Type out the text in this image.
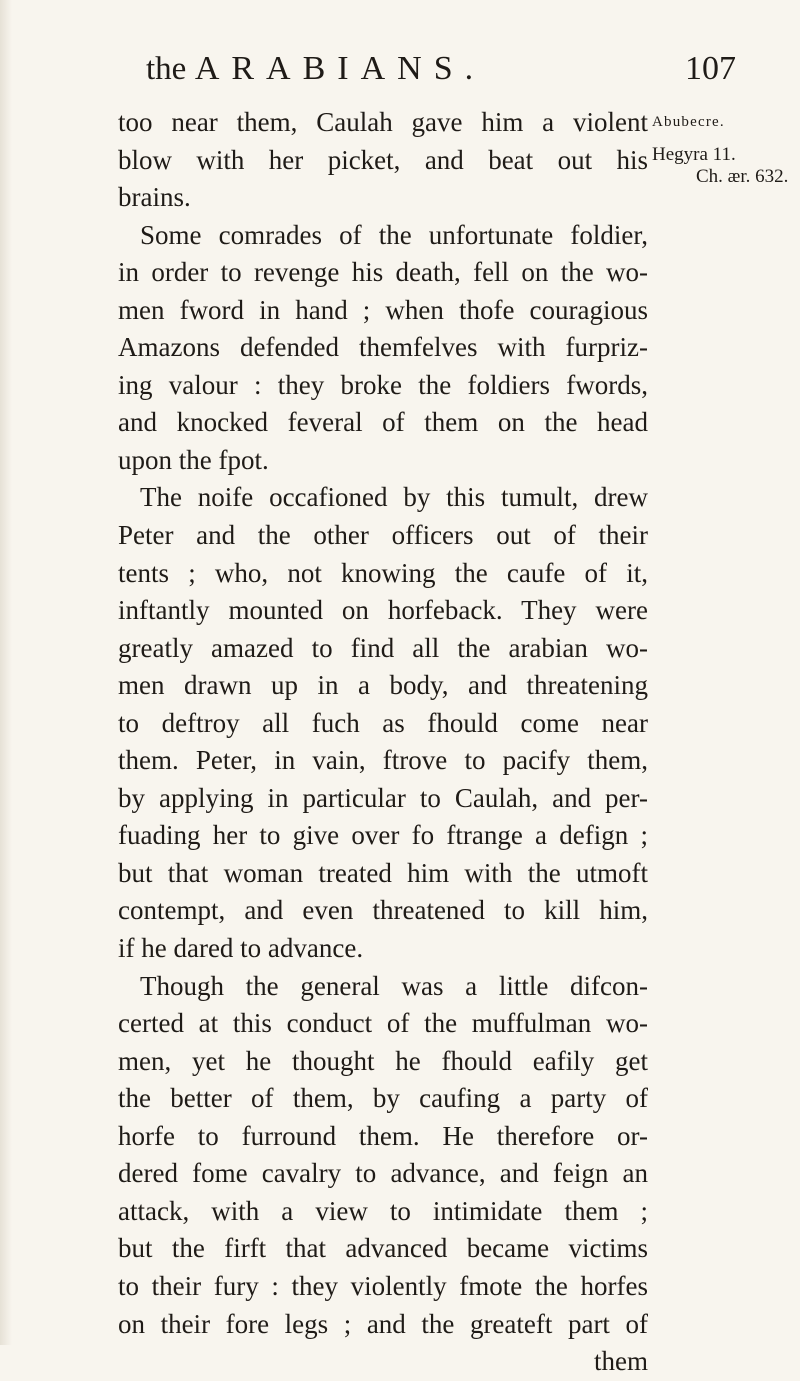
the ARABIANS.	107
Abubecre.
Hegyra 11.
Ch. ær. 632.
too near them, Caulah gave him a violent
blow with her picket, and beat out his
brains.
Some comrades of the unfortunate foldier,
in order to revenge his death, fell on the wo-
men fword in hand ; when thofe couragious
Amazons defended themfelves with furpriz-
ing valour : they broke the foldiers fwords,
and knocked feveral of them on the head
upon the fpot.
The noife occafioned by this tumult, drew
Peter and the other officers out of their
tents ; who, not knowing the caufe of it,
inftantly mounted on horfeback. They were
greatly amazed to find all the arabian wo-
men drawn up in a body, and threatening
to deftroy all fuch as fhould come near
them. Peter, in vain, ftrove to pacify them,
by applying in particular to Caulah, and per-
fuading her to give over fo ftrange a defign ;
but that woman treated him with the utmoft
contempt, and even threatened to kill him,
if he dared to advance.
Though the general was a little difcon-
certed at this conduct of the muffulman wo-
men, yet he thought he fhould eafily get
the better of them, by caufing a party of
horfe to furround them. He therefore or-
dered fome cavalry to advance, and feign an
attack, with a view to intimidate them ;
but the firft that advanced became victims
to their fury : they violently fmote the horfes
on their fore legs ; and the greateft part of
them
